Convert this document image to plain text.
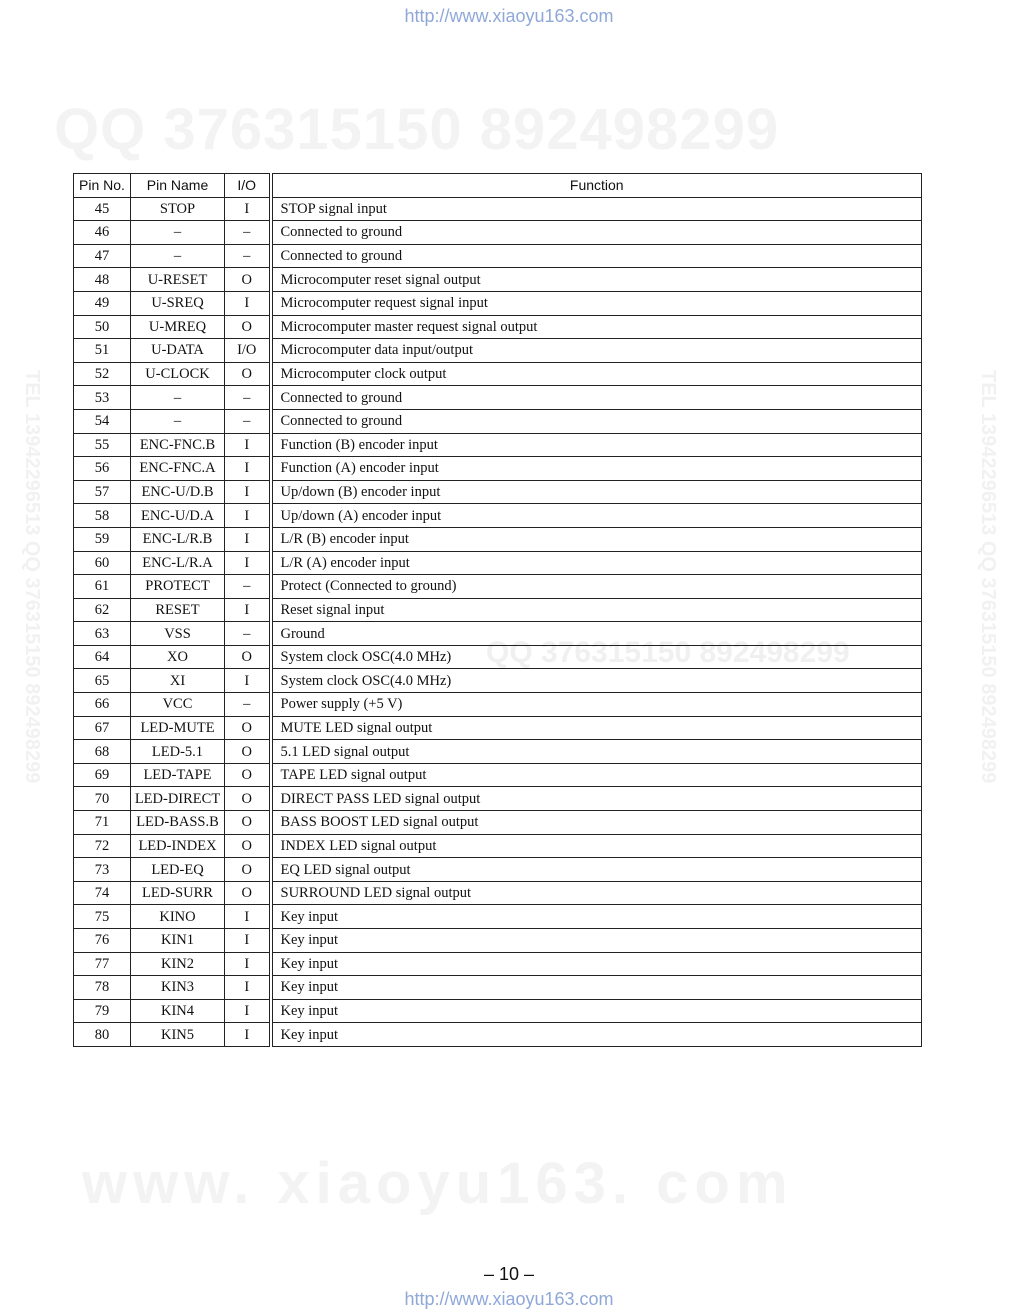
http://www.xiaoyu163.com
QQ 376315150 892498299
QQ 376315150 892498299
TEL 13942296513 QQ 376315150 892498299	TEL 13942296513 QQ 376315150 892498299
Pin No.	Pin Name	I/O	Function
45	STOP	I	STOP signal input
46	–	–	Connected to ground
47	–	–	Connected to ground
48	U-RESET	O	Microcomputer reset signal output
49	U-SREQ	I	Microcomputer request signal input
50	U-MREQ	O	Microcomputer master request signal output
51	U-DATA	I/O	Microcomputer data input/output
52	U-CLOCK	O	Microcomputer clock output
53	–	–	Connected to ground
54	–	–	Connected to ground
55	ENC-FNC.B	I	Function (B) encoder input
56	ENC-FNC.A	I	Function (A) encoder input
57	ENC-U/D.B	I	Up/down (B) encoder input
58	ENC-U/D.A	I	Up/down (A) encoder input
59	ENC-L/R.B	I	L/R (B) encoder input
60	ENC-L/R.A	I	L/R (A) encoder input
61	PROTECT	–	Protect (Connected to ground)
62	RESET	I	Reset signal input
63	VSS	–	Ground
64	XO	O	System clock OSC(4.0 MHz)
65	XI	I	System clock OSC(4.0 MHz)
66	VCC	–	Power supply (+5 V)
67	LED-MUTE	O	MUTE LED signal output
68	LED-5.1	O	5.1 LED signal output
69	LED-TAPE	O	TAPE LED signal output
70	LED-DIRECT	O	DIRECT PASS LED signal output
71	LED-BASS.B	O	BASS BOOST LED signal output
72	LED-INDEX	O	INDEX LED signal output
73	LED-EQ	O	EQ LED signal output
74	LED-SURR	O	SURROUND LED signal output
75	KINO	I	Key input
76	KIN1	I	Key input
77	KIN2	I	Key input
78	KIN3	I	Key input
79	KIN4	I	Key input
80	KIN5	I	Key input
www. xiaoyu163. com
– 10 –
http://www.xiaoyu163.com
